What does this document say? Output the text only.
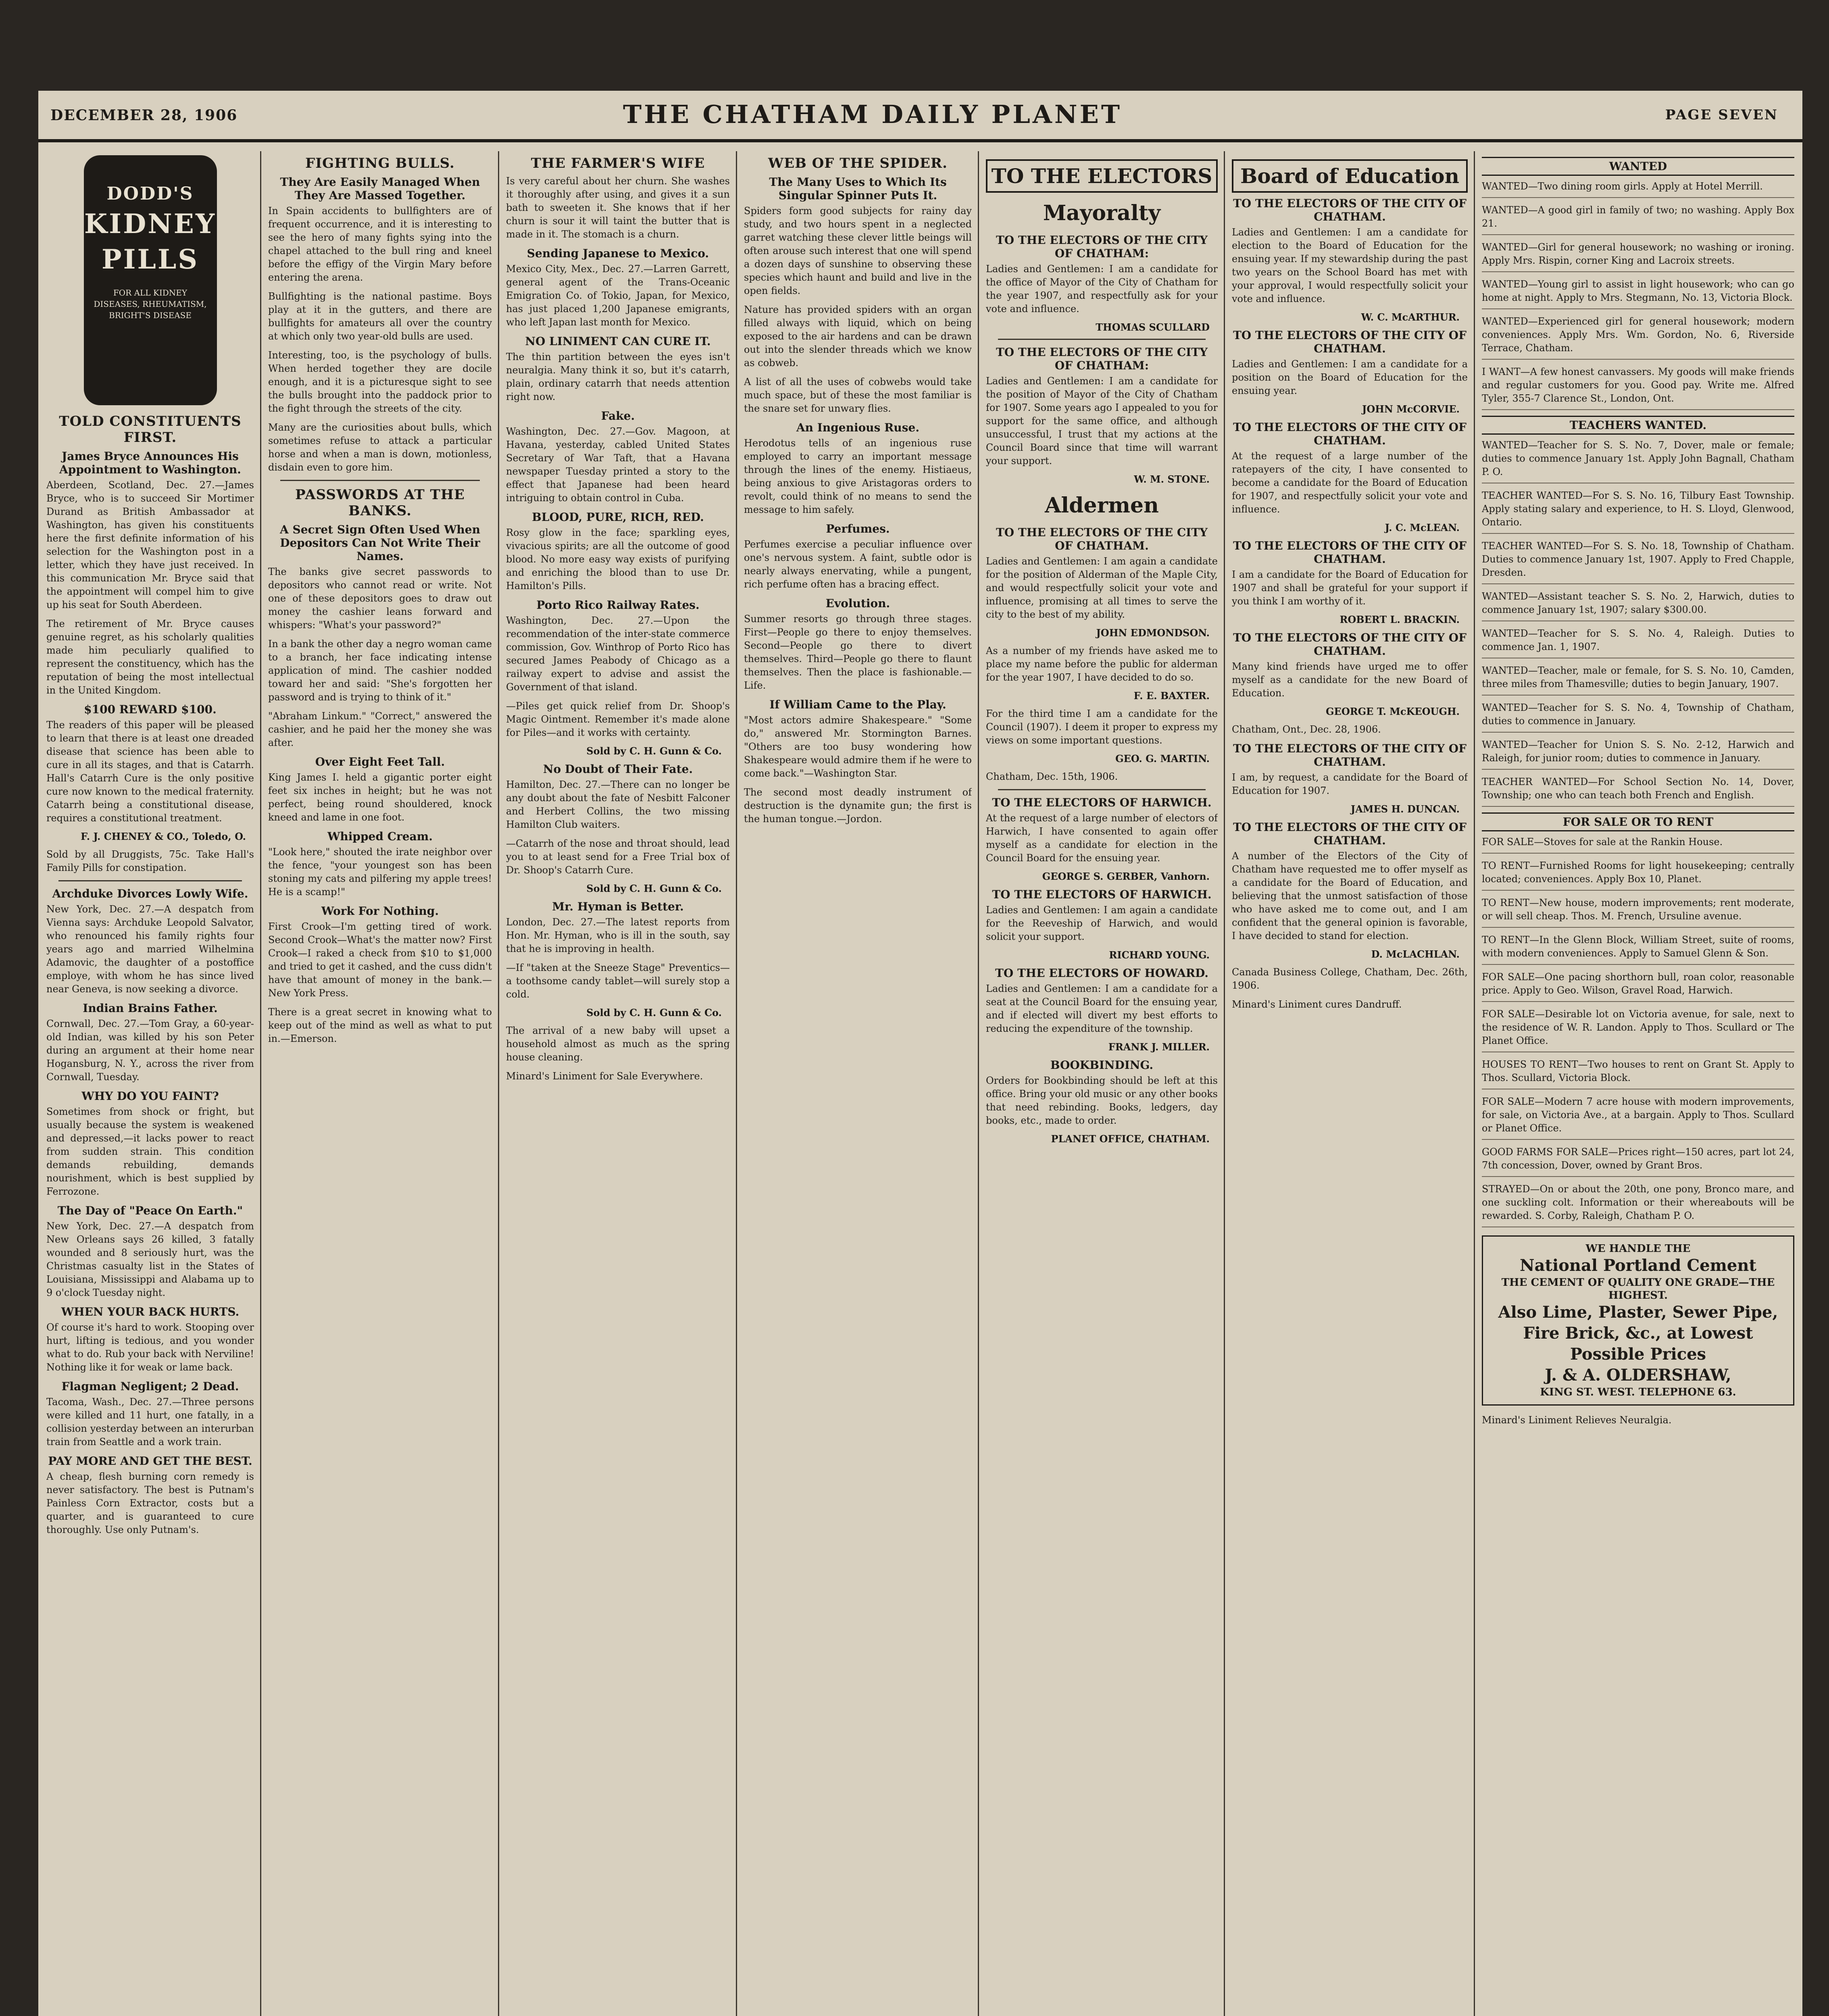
DECEMBER 28, 1906	THE CHATHAM DAILY PLANET	PAGE SEVEN
DODD'S
KIDNEY
PILLS
FOR ALL KIDNEY DISEASES, RHEUMATISM, BRIGHT'S DISEASE
TOLD CONSTITUENTS FIRST.
James Bryce Announces His Appointment to Washington.

Aberdeen, Scotland, Dec. 27.—James Bryce, who is to succeed Sir Mortimer Durand as British Ambassador at Washington, has given his constituents here the first definite information of his selection for the Washington post in a letter, which they have just received. In this communication Mr. Bryce said that the appointment will compel him to give up his seat for South Aberdeen.

The retirement of Mr. Bryce causes genuine regret, as his scholarly qualities made him peculiarly qualified to represent the constituency, which has the reputation of being the most intellectual in the United Kingdom.

$100 REWARD $100.

The readers of this paper will be pleased to learn that there is at least one dreaded disease that science has been able to cure in all its stages, and that is Catarrh. Hall's Catarrh Cure is the only positive cure now known to the medical fraternity. Catarrh being a constitutional disease, requires a constitutional treatment.

F. J. CHENEY & CO., Toledo, O.

Sold by all Druggists, 75c. Take Hall's Family Pills for constipation.

Archduke Divorces Lowly Wife.

New York, Dec. 27.—A despatch from Vienna says: Archduke Leopold Salvator, who renounced his family rights four years ago and married Wilhelmina Adamovic, the daughter of a postoffice employe, with whom he has since lived near Geneva, is now seeking a divorce.

Indian Brains Father.

Cornwall, Dec. 27.—Tom Gray, a 60-year-old Indian, was killed by his son Peter during an argument at their home near Hogansburg, N. Y., across the river from Cornwall, Tuesday.

WHY DO YOU FAINT?

Sometimes from shock or fright, but usually because the system is weakened and depressed,—it lacks power to react from sudden strain. This condition demands rebuilding, demands nourishment, which is best supplied by Ferrozone.

The Day of "Peace On Earth."

New York, Dec. 27.—A despatch from New Orleans says 26 killed, 3 fatally wounded and 8 seriously hurt, was the Christmas casualty list in the States of Louisiana, Mississippi and Alabama up to 9 o'clock Tuesday night.

WHEN YOUR BACK HURTS.

Of course it's hard to work. Stooping over hurt, lifting is tedious, and you wonder what to do. Rub your back with Nerviline! Nothing like it for weak or lame back.

Flagman Negligent; 2 Dead.

Tacoma, Wash., Dec. 27.—Three persons were killed and 11 hurt, one fatally, in a collision yesterday between an interurban train from Seattle and a work train.

PAY MORE AND GET THE BEST.

A cheap, flesh burning corn remedy is never satisfactory. The best is Putnam's Painless Corn Extractor, costs but a quarter, and is guaranteed to cure thoroughly. Use only Putnam's.

FIGHTING BULLS.
They Are Easily Managed When They Are Massed Together.

In Spain accidents to bullfighters are of frequent occurrence, and it is interesting to see the hero of many fights sying into the chapel attached to the bull ring and kneel before the effigy of the Virgin Mary before entering the arena.

Bullfighting is the national pastime. Boys play at it in the gutters, and there are bullfights for amateurs all over the country at which only two year-old bulls are used.

Interesting, too, is the psychology of bulls. When herded together they are docile enough, and it is a picturesque sight to see the bulls brought into the paddock prior to the fight through the streets of the city.

Many are the curiosities about bulls, which sometimes refuse to attack a particular horse and when a man is down, motionless, disdain even to gore him.

PASSWORDS AT THE BANKS.
A Secret Sign Often Used When Depositors Can Not Write Their Names.

The banks give secret passwords to depositors who cannot read or write. Not one of these depositors goes to draw out money the cashier leans forward and whispers: "What's your password?"

In a bank the other day a negro woman came to a branch, her face indicating intense application of mind. The cashier nodded toward her and said: "She's forgotten her password and is trying to think of it."

"Abraham Linkum." "Correct," answered the cashier, and he paid her the money she was after.

Over Eight Feet Tall.

King James I. held a gigantic porter eight feet six inches in height; but he was not perfect, being round shouldered, knock kneed and lame in one foot.

Whipped Cream.

"Look here," shouted the irate neighbor over the fence, "your youngest son has been stoning my cats and pilfering my apple trees! He is a scamp!"

Work For Nothing.

First Crook—I'm getting tired of work. Second Crook—What's the matter now? First Crook—I raked a check from $10 to $1,000 and tried to get it cashed, and the cuss didn't have that amount of money in the bank.—New York Press.

There is a great secret in knowing what to keep out of the mind as well as what to put in.—Emerson.

THE FARMER'S WIFE

Is very careful about her churn. She washes it thoroughly after using, and gives it a sun bath to sweeten it. She knows that if her churn is sour it will taint the butter that is made in it. The stomach is a churn.

Sending Japanese to Mexico.

Mexico City, Mex., Dec. 27.—Larren Garrett, general agent of the Trans-Oceanic Emigration Co. of Tokio, Japan, for Mexico, has just placed 1,200 Japanese emigrants, who left Japan last month for Mexico.

NO LINIMENT CAN CURE IT.

The thin partition between the eyes isn't neuralgia. Many think it so, but it's catarrh, plain, ordinary catarrh that needs attention right now.

Fake.

Washington, Dec. 27.—Gov. Magoon, at Havana, yesterday, cabled United States Secretary of War Taft, that a Havana newspaper Tuesday printed a story to the effect that Japanese had been heard intriguing to obtain control in Cuba.

BLOOD, PURE, RICH, RED.

Rosy glow in the face; sparkling eyes, vivacious spirits; are all the outcome of good blood. No more easy way exists of purifying and enriching the blood than to use Dr. Hamilton's Pills.

Porto Rico Railway Rates.

Washington, Dec. 27.—Upon the recommendation of the inter-state commerce commission, Gov. Winthrop of Porto Rico has secured James Peabody of Chicago as a railway expert to advise and assist the Government of that island.

—Piles get quick relief from Dr. Shoop's Magic Ointment. Remember it's made alone for Piles—and it works with certainty.

Sold by C. H. Gunn & Co.
No Doubt of Their Fate.

Hamilton, Dec. 27.—There can no longer be any doubt about the fate of Nesbitt Falconer and Herbert Collins, the two missing Hamilton Club waiters.

—Catarrh of the nose and throat should, lead you to at least send for a Free Trial box of Dr. Shoop's Catarrh Cure.

Sold by C. H. Gunn & Co.
Mr. Hyman is Better.

London, Dec. 27.—The latest reports from Hon. Mr. Hyman, who is ill in the south, say that he is improving in health.

—If "taken at the Sneeze Stage" Preventics—a toothsome candy tablet—will surely stop a cold.

Sold by C. H. Gunn & Co.

The arrival of a new baby will upset a household almost as much as the spring house cleaning.

Minard's Liniment for Sale Everywhere.

WEB OF THE SPIDER.
The Many Uses to Which Its Singular Spinner Puts It.

Spiders form good subjects for rainy day study, and two hours spent in a neglected garret watching these clever little beings will often arouse such interest that one will spend a dozen days of sunshine to observing these species which haunt and build and live in the open fields.

Nature has provided spiders with an organ filled always with liquid, which on being exposed to the air hardens and can be drawn out into the slender threads which we know as cobweb.

A list of all the uses of cobwebs would take much space, but of these the most familiar is the snare set for unwary flies.

An Ingenious Ruse.

Herodotus tells of an ingenious ruse employed to carry an important message through the lines of the enemy. Histiaeus, being anxious to give Aristagoras orders to revolt, could think of no means to send the message to him safely.

Perfumes.

Perfumes exercise a peculiar influence over one's nervous system. A faint, subtle odor is nearly always enervating, while a pungent, rich perfume often has a bracing effect.

Evolution.

Summer resorts go through three stages. First—People go there to enjoy themselves. Second—People go there to divert themselves. Third—People go there to flaunt themselves. Then the place is fashionable.—Life.

If William Came to the Play.

"Most actors admire Shakespeare." "Some do," answered Mr. Stormington Barnes. "Others are too busy wondering how Shakespeare would admire them if he were to come back."—Washington Star.

The second most deadly instrument of destruction is the dynamite gun; the first is the human tongue.—Jordon.

TO THE ELECTORS
Mayoralty
TO THE ELECTORS OF THE CITY OF CHATHAM:

Ladies and Gentlemen: I am a candidate for the office of Mayor of the City of Chatham for the year 1907, and respectfully ask for your vote and influence.

THOMAS SCULLARD
TO THE ELECTORS OF THE CITY OF CHATHAM:

Ladies and Gentlemen: I am a candidate for the position of Mayor of the City of Chatham for 1907. Some years ago I appealed to you for support for the same office, and although unsuccessful, I trust that my actions at the Council Board since that time will warrant your support.

W. M. STONE.
Aldermen
TO THE ELECTORS OF THE CITY OF CHATHAM.

Ladies and Gentlemen: I am again a candidate for the position of Alderman of the Maple City, and would respectfully solicit your vote and influence, promising at all times to serve the city to the best of my ability.

JOHN EDMONDSON.

As a number of my friends have asked me to place my name before the public for alderman for the year 1907, I have decided to do so.

F. E. BAXTER.

For the third time I am a candidate for the Council (1907). I deem it proper to express my views on some important questions.

GEO. G. MARTIN.

Chatham, Dec. 15th, 1906.

TO THE ELECTORS OF HARWICH.

At the request of a large number of electors of Harwich, I have consented to again offer myself as a candidate for election in the Council Board for the ensuing year.

GEORGE S. GERBER, Vanhorn.
TO THE ELECTORS OF HARWICH.

Ladies and Gentlemen: I am again a candidate for the Reeveship of Harwich, and would solicit your support.

RICHARD YOUNG.
TO THE ELECTORS OF HOWARD.

Ladies and Gentlemen: I am a candidate for a seat at the Council Board for the ensuing year, and if elected will divert my best efforts to reducing the expenditure of the township.

FRANK J. MILLER.
BOOKBINDING.

Orders for Bookbinding should be left at this office. Bring your old music or any other books that need rebinding. Books, ledgers, day books, etc., made to order.

PLANET OFFICE, CHATHAM.
Board of Education
TO THE ELECTORS OF THE CITY OF CHATHAM.

Ladies and Gentlemen: I am a candidate for election to the Board of Education for the ensuing year. If my stewardship during the past two years on the School Board has met with your approval, I would respectfully solicit your vote and influence.

W. C. McARTHUR.
TO THE ELECTORS OF THE CITY OF CHATHAM.

Ladies and Gentlemen: I am a candidate for a position on the Board of Education for the ensuing year.

JOHN McCORVIE.
TO THE ELECTORS OF THE CITY OF CHATHAM.

At the request of a large number of the ratepayers of the city, I have consented to become a candidate for the Board of Education for 1907, and respectfully solicit your vote and influence.

J. C. McLEAN.
TO THE ELECTORS OF THE CITY OF CHATHAM.

I am a candidate for the Board of Education for 1907 and shall be grateful for your support if you think I am worthy of it.

ROBERT L. BRACKIN.
TO THE ELECTORS OF THE CITY OF CHATHAM.

Many kind friends have urged me to offer myself as a candidate for the new Board of Education.

GEORGE T. McKEOUGH.

Chatham, Ont., Dec. 28, 1906.

TO THE ELECTORS OF THE CITY OF CHATHAM.

I am, by request, a candidate for the Board of Education for 1907.

JAMES H. DUNCAN.
TO THE ELECTORS OF THE CITY OF CHATHAM.

A number of the Electors of the City of Chatham have requested me to offer myself as a candidate for the Board of Education, and believing that the unmost satisfaction of those who have asked me to come out, and I am confident that the general opinion is favorable, I have decided to stand for election.

D. McLACHLAN.

Canada Business College, Chatham, Dec. 26th, 1906.

Minard's Liniment cures Dandruff.

WANTED

WANTED—Two dining room girls. Apply at Hotel Merrill.

WANTED—A good girl in family of two; no washing. Apply Box 21.

WANTED—Girl for general housework; no washing or ironing. Apply Mrs. Rispin, corner King and Lacroix streets.

WANTED—Young girl to assist in light housework; who can go home at night. Apply to Mrs. Stegmann, No. 13, Victoria Block.

WANTED—Experienced girl for general housework; modern conveniences. Apply Mrs. Wm. Gordon, No. 6, Riverside Terrace, Chatham.

I WANT—A few honest canvassers. My goods will make friends and regular customers for you. Good pay. Write me. Alfred Tyler, 355-7 Clarence St., London, Ont.

TEACHERS WANTED.

WANTED—Teacher for S. S. No. 7, Dover, male or female; duties to commence January 1st. Apply John Bagnall, Chatham P. O.

TEACHER WANTED—For S. S. No. 16, Tilbury East Township. Apply stating salary and experience, to H. S. Lloyd, Glenwood, Ontario.

TEACHER WANTED—For S. S. No. 18, Township of Chatham. Duties to commence January 1st, 1907. Apply to Fred Chapple, Dresden.

WANTED—Assistant teacher S. S. No. 2, Harwich, duties to commence January 1st, 1907; salary $300.00.

WANTED—Teacher for S. S. No. 4, Raleigh. Duties to commence Jan. 1, 1907.

WANTED—Teacher, male or female, for S. S. No. 10, Camden, three miles from Thamesville; duties to begin January, 1907.

WANTED—Teacher for S. S. No. 4, Township of Chatham, duties to commence in January.

WANTED—Teacher for Union S. S. No. 2-12, Harwich and Raleigh, for junior room; duties to commence in January.

TEACHER WANTED—For School Section No. 14, Dover, Township; one who can teach both French and English.

FOR SALE OR TO RENT

FOR SALE—Stoves for sale at the Rankin House.

TO RENT—Furnished Rooms for light housekeeping; centrally located; conveniences. Apply Box 10, Planet.

TO RENT—New house, modern improvements; rent moderate, or will sell cheap. Thos. M. French, Ursuline avenue.

TO RENT—In the Glenn Block, William Street, suite of rooms, with modern conveniences. Apply to Samuel Glenn & Son.

FOR SALE—One pacing shorthorn bull, roan color, reasonable price. Apply to Geo. Wilson, Gravel Road, Harwich.

FOR SALE—Desirable lot on Victoria avenue, for sale, next to the residence of W. R. Landon. Apply to Thos. Scullard or The Planet Office.

HOUSES TO RENT—Two houses to rent on Grant St. Apply to Thos. Scullard, Victoria Block.

FOR SALE—Modern 7 acre house with modern improvements, for sale, on Victoria Ave., at a bargain. Apply to Thos. Scullard or Planet Office.

GOOD FARMS FOR SALE—Prices right—150 acres, part lot 24, 7th concession, Dover, owned by Grant Bros.

STRAYED—On or about the 20th, one pony, Bronco mare, and one suckling colt. Information or their whereabouts will be rewarded. S. Corby, Raleigh, Chatham P. O.

WE HANDLE THE
National Portland Cement
THE CEMENT OF QUALITY ONE GRADE—THE HIGHEST.
Also Lime, Plaster, Sewer Pipe, Fire Brick, &c., at Lowest Possible Prices
J. & A. OLDERSHAW,
KING ST. WEST. TELEPHONE 63.

Minard's Liniment Relieves Neuralgia.
